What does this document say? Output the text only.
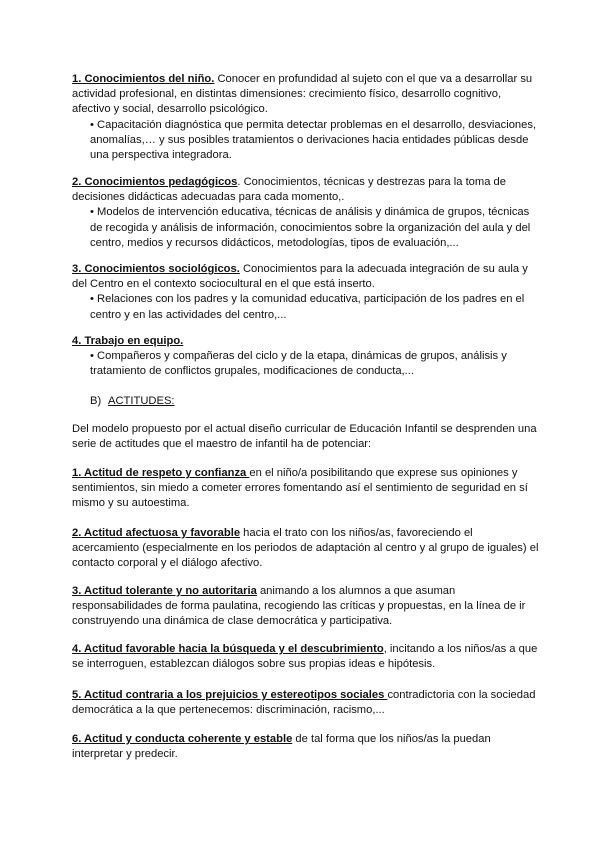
1. Conocimientos del niño. Conocer en profundidad al sujeto con el que va a desarrollar su actividad profesional, en distintas dimensiones: crecimiento físico, desarrollo cognitivo, afectivo y social, desarrollo psicológico.

• Capacitación diagnóstica que permita detectar problemas en el desarrollo, desviaciones, anomalías,… y sus posibles tratamientos o derivaciones hacia entidades públicas desde una perspectiva integradora.

2. Conocimientos pedagógicos. Conocimientos, técnicas y destrezas para la toma de decisiones didácticas adecuadas para cada momento,.

• Modelos de intervención educativa, técnicas de análisis y dinámica de grupos, técnicas de recogida y análisis de información, conocimientos sobre la organización del aula y del centro, medios y recursos didácticos, metodologías, tipos de evaluación,...

3. Conocimientos sociológicos. Conocimientos para la adecuada integración de su aula y del Centro en el contexto sociocultural en el que está inserto.

• Relaciones con los padres y la comunidad educativa, participación de los padres en el centro y en las actividades del centro,...

4. Trabajo en equipo.

• Compañeros y compañeras del ciclo y de la etapa, dinámicas de grupos, análisis y tratamiento de conflictos grupales, modificaciones de conducta,...

B) ACTITUDES:

Del modelo propuesto por el actual diseño curricular de Educación Infantil se desprenden una serie de actitudes que el maestro de infantil ha de potenciar:

1. Actitud de respeto y confianza en el niño/a posibilitando que exprese sus opiniones y sentimientos, sin miedo a cometer errores fomentando así el sentimiento de seguridad en sí mismo y su autoestima.

2. Actitud afectuosa y favorable hacia el trato con los niños/as, favoreciendo el acercamiento (especialmente en los periodos de adaptación al centro y al grupo de iguales) el contacto corporal y el diálogo afectivo.

3. Actitud tolerante y no autoritaria animando a los alumnos a que asuman responsabilidades de forma paulatina, recogiendo las críticas y propuestas, en la línea de ir construyendo una dinámica de clase democrática y participativa.

4. Actitud favorable hacia la búsqueda y el descubrimiento, incitando a los niños/as a que se interroguen, establezcan diálogos sobre sus propias ideas e hipótesis.

5. Actitud contraria a los prejuicios y estereotipos sociales contradictoria con la sociedad democrática a la que pertenecemos: discriminación, racismo,...

6. Actitud y conducta coherente y estable de tal forma que los niños/as la puedan interpretar y predecir.
